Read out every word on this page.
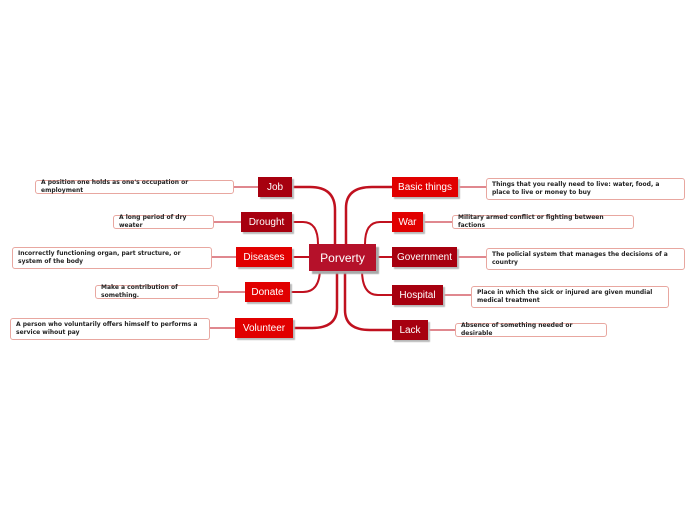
Porverty
Job
Drought
Diseases
Donate
Volunteer
Basic things
War
Government
Hospital
Lack
A position one holds as one's occupation or employment
A long period of dry weater
Incorrectly functioning organ, part structure, or system of the body
Make a contribution of something.
A person who voluntarily offers himself to performs a service wihout pay
Things that you really need to live: water, food, a place to live or money to buy
Military armed conflict or fighting between factions
The policial system that manages the decisions of a country
Place in which the sick or injured are given mundial medical treatment
Absence of something needed or desirable
